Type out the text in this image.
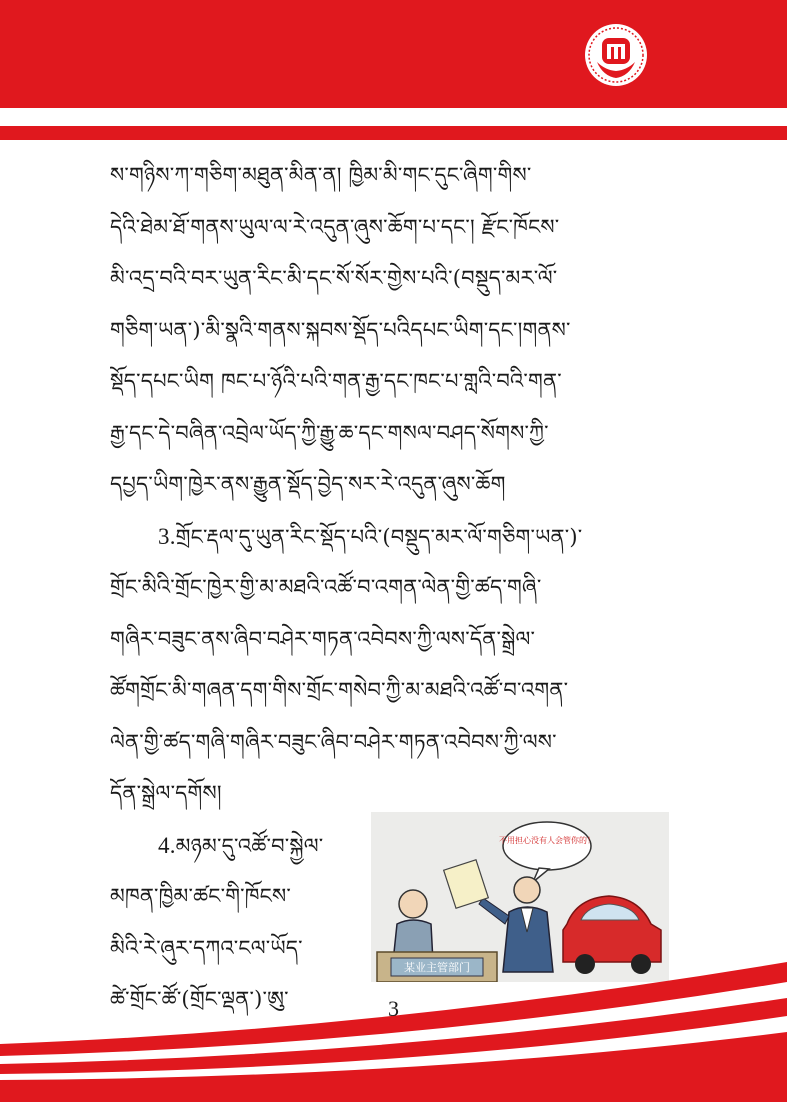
ས་གཉིས་ཀ་གཅིག་མཐུན་མིན་ན། ཁྱིམ་མི་གང་དུང་ཞིག་གིས་
དེའི་ཐེམ་ཐོ་གནས་ཡུལ་ལ་རེ་འདུན་ཞུས་ཆོག་པ་དང་། རྫོང་ཁོངས་
མི་འདྲ་བའི་བར་ཡུན་རིང་མི་དང་སོ་སོར་གྱེས་པའི་(བསྡུད་མར་ལོ་
གཅིག་ཡན་)་མི་སྣའི་གནས་སྐབས་སྡོད་པའིདཔང་ཡིག་དང་།གནས་
སྡོད་དཔང་ཡིག ཁང་པ་ཉོའི་པའི་གན་རྒྱ་དང་ཁང་པ་གླའི་བའི་གན་
རྒྱ་དང་དེ་བཞིན་འབྲེལ་ཡོད་ཀྱི་རྒྱུ་ཆ་དང་གསལ་བཤད་སོགས་ཀྱི་
དཔྱད་ཡིག་ཁྱེར་ནས་རྒྱུན་སྡོད་བྱེད་སར་རེ་འདུན་ཞུས་ཆོག
3.གྲོང་རྡལ་དུ་ཡུན་རིང་སྡོད་པའི་(བསྡུད་མར་ལོ་གཅིག་ཡན་)་
གྲོང་མིའི་གྲོང་ཁྱེར་གྱི་མ་མཐའི་འཚོ་བ་འགན་ལེན་གྱི་ཚད་གཞི་
གཞིར་བཟུང་ནས་ཞིབ་བཤེར་གཏན་འབེབས་ཀྱི་ལས་དོན་སྒྲེལ་
ཚོགགྲོང་མི་གཞན་དག་གིས་གྲོང་གསེབ་ཀྱི་མ་མཐའི་འཚོ་བ་འགན་
ལེན་གྱི་ཚད་གཞི་གཞིར་བཟུང་ཞིབ་བཤེར་གཏན་འབེབས་ཀྱི་ལས་
དོན་སྒྲེལ་དགོས།
4.མཉམ་དུ་འཚོ་བ་སྐྱེལ་
མཁན་ཁྱིམ་ཚང་གི་ཁོངས་
མིའི་རེ་ཞུར་དཀའ་ངལ་ཡོད་
ཚེ་གྲོང་ཚོ་(གྲོང་ལྡན་)་ཨུ་
不用担心没有人会管你的！
某业主管部门
3
